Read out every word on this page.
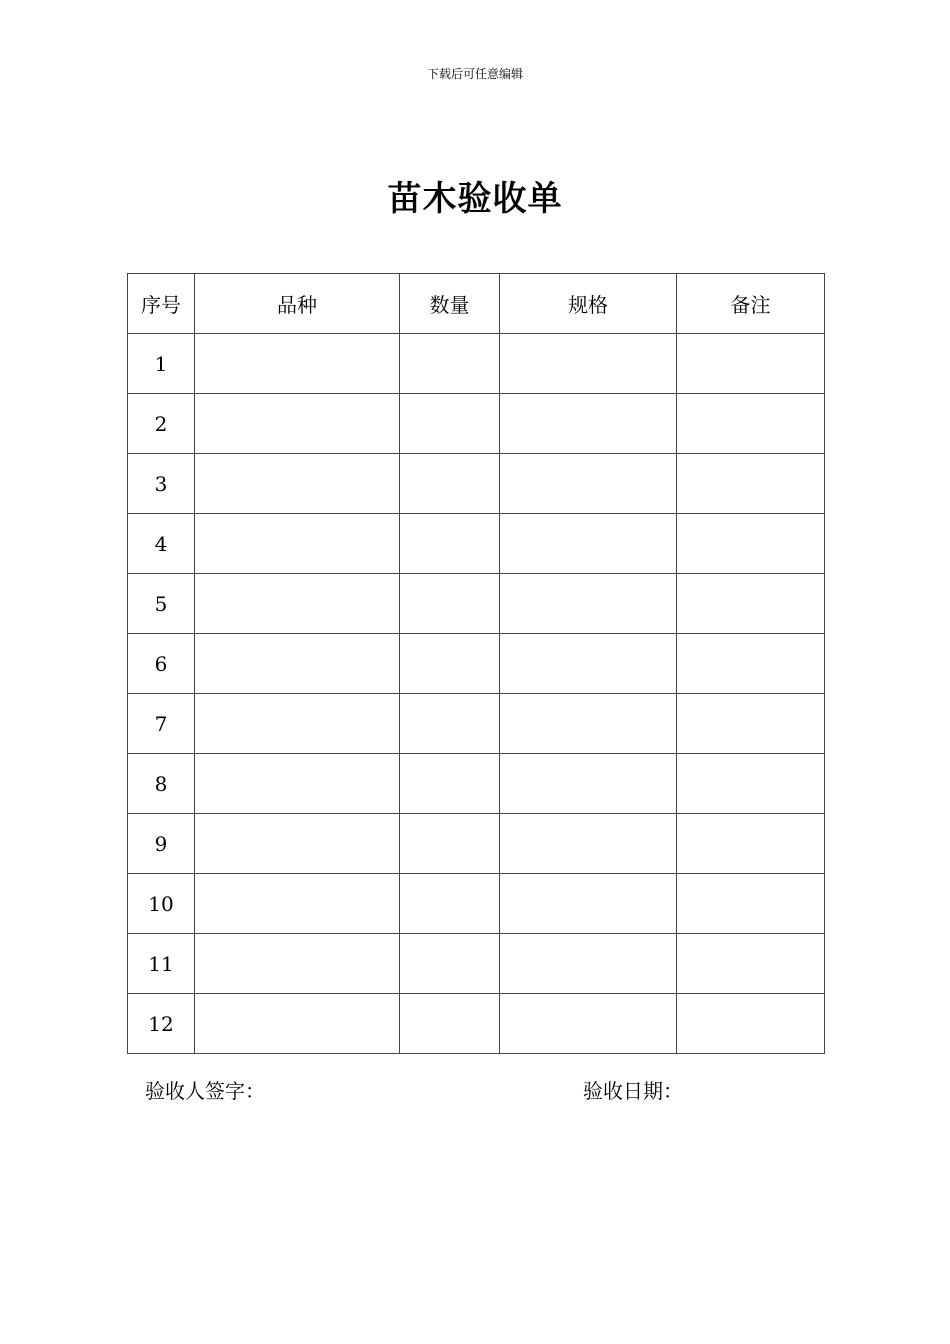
下载后可任意编辑
苗木验收单
序号	品种	数量	规格	备注
1				
2				
3				
4				
5				
6				
7				
8				
9				
10				
11				
12				
验收人签字：	验收日期：
